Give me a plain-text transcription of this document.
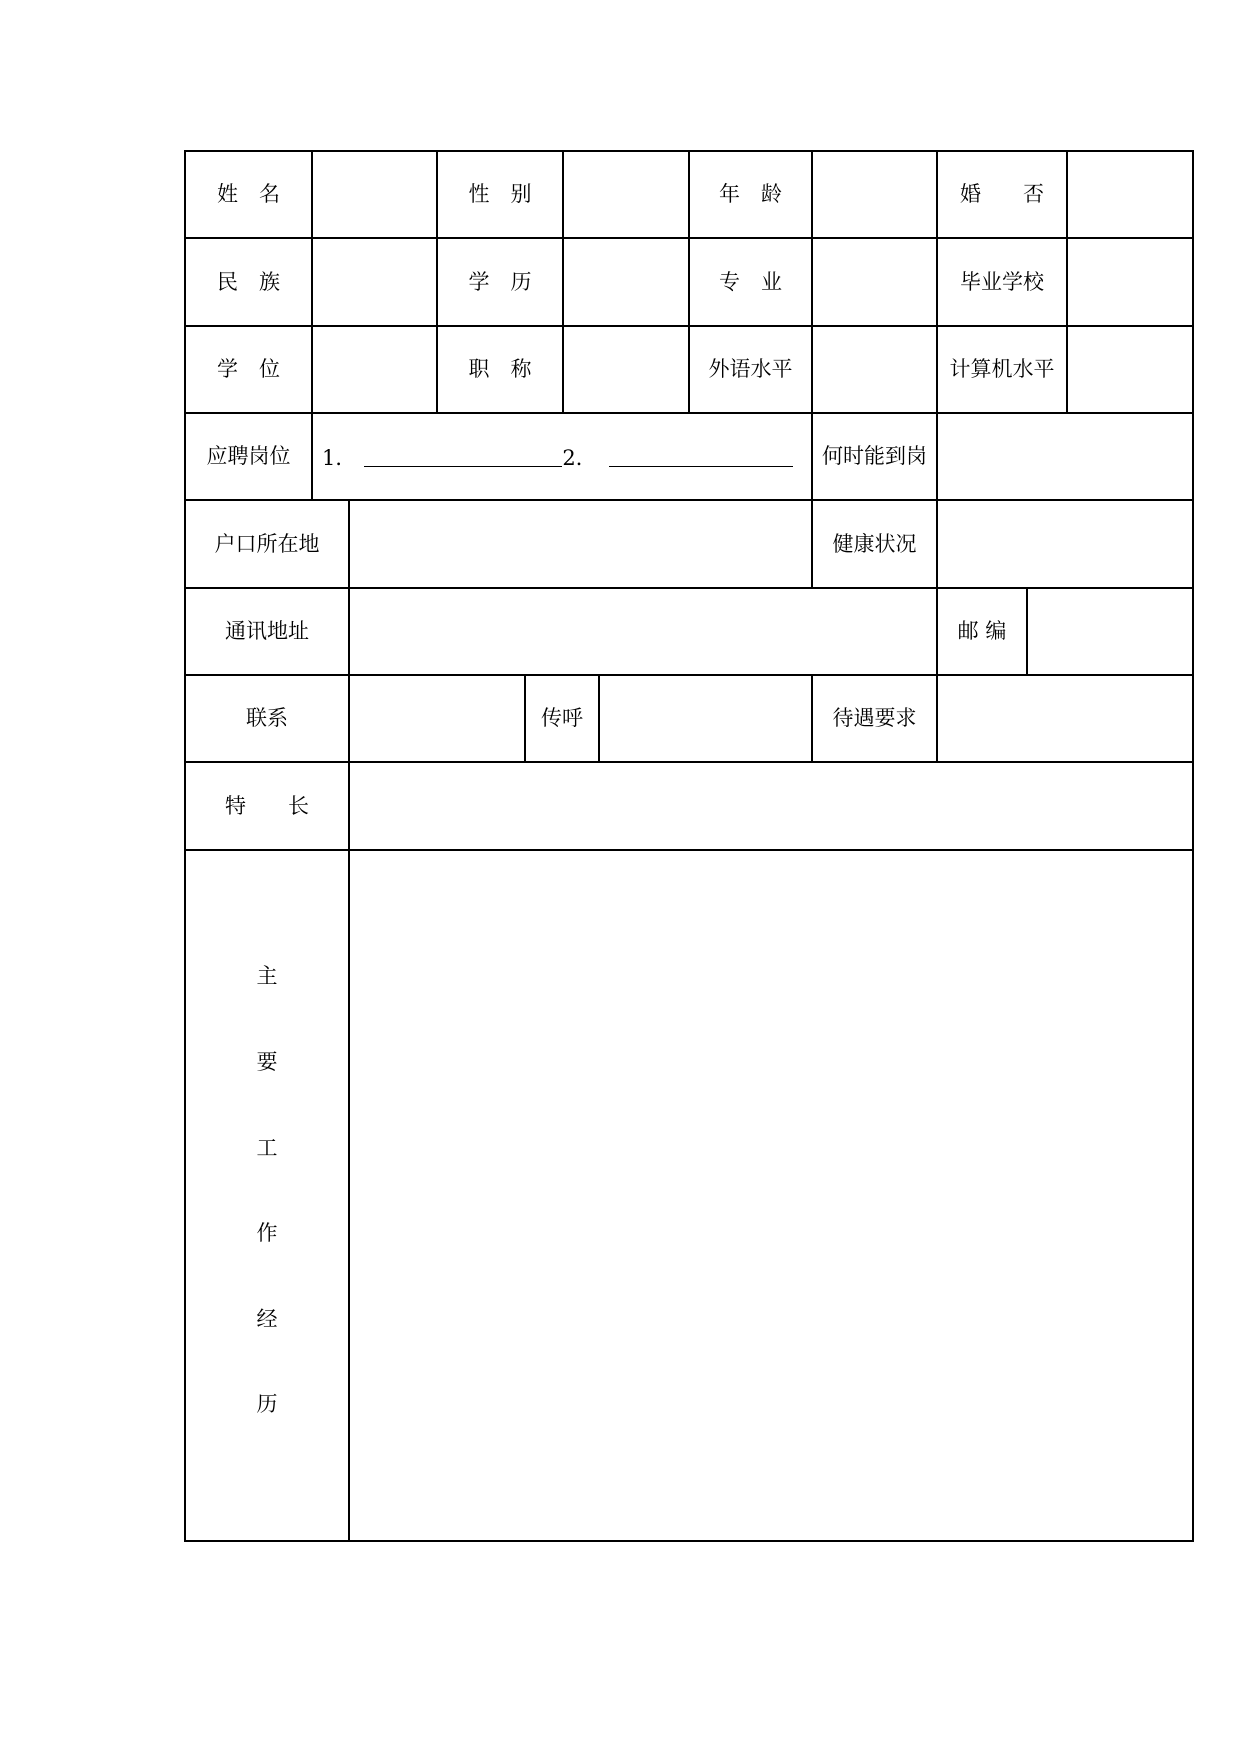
姓　名	性　别	年　龄	婚　　否
民　族	学　历	专　业	毕业学校
学　位	职　称	外语水平	计算机水平
应聘岗位	1．	2．	何时能到岗
户口所在地	健康状况
通讯地址	邮 编
联系	传呼	待遇要求
特　　长
主
要
工
作
经
历
